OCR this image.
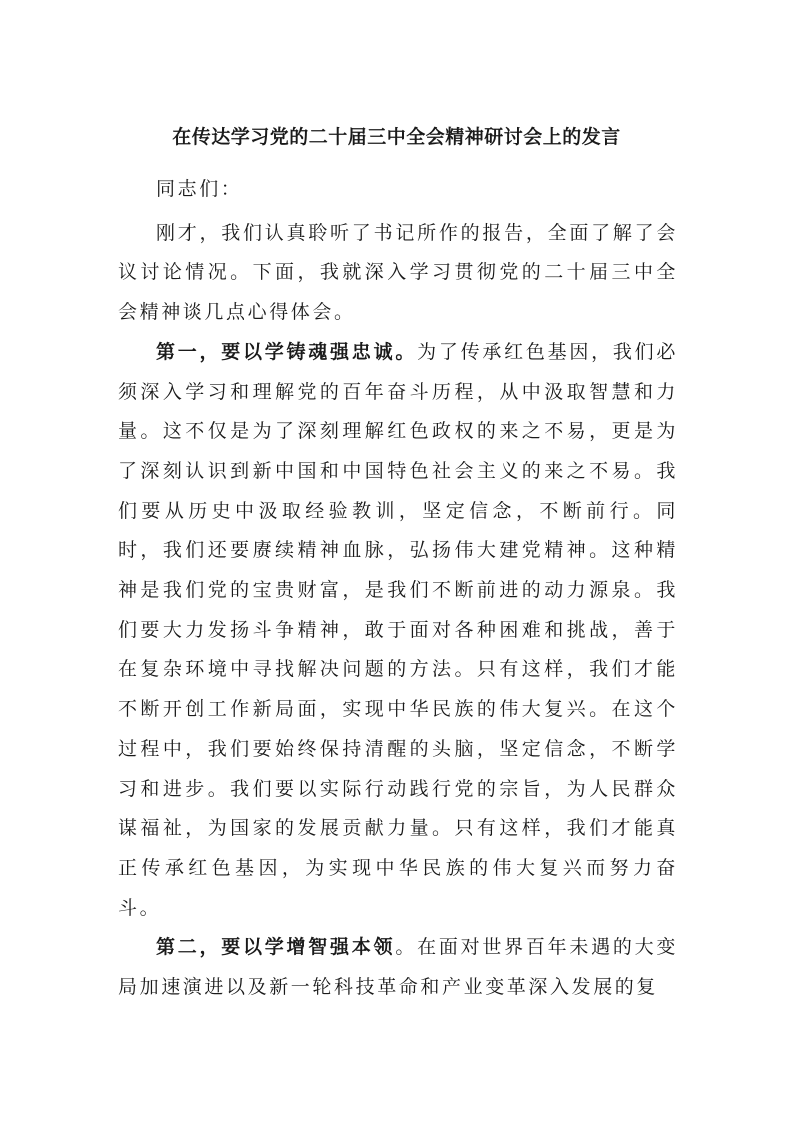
在传达学习党的二十届三中全会精神研讨会上的发言

同志们：

刚才，我们认真聆听了书记所作的报告，全面了解了会议讨论情况。下面，我就深入学习贯彻党的二十届三中全会精神谈几点心得体会。

第一，要以学铸魂强忠诚。为了传承红色基因，我们必须深入学习和理解党的百年奋斗历程，从中汲取智慧和力量。这不仅是为了深刻理解红色政权的来之不易，更是为了深刻认识到新中国和中国特色社会主义的来之不易。我们要从历史中汲取经验教训，坚定信念，不断前行。同时，我们还要赓续精神血脉，弘扬伟大建党精神。这种精神是我们党的宝贵财富，是我们不断前进的动力源泉。我们要大力发扬斗争精神，敢于面对各种困难和挑战，善于在复杂环境中寻找解决问题的方法。只有这样，我们才能不断开创工作新局面，实现中华民族的伟大复兴。在这个过程中，我们要始终保持清醒的头脑，坚定信念，不断学习和进步。我们要以实际行动践行党的宗旨，为人民群众谋福祉，为国家的发展贡献力量。只有这样，我们才能真正传承红色基因，为实现中华民族的伟大复兴而努力奋斗。

第二，要以学增智强本领。在面对世界百年未遇的大变局加速演进以及新一轮科技革命和产业变革深入发展的复
